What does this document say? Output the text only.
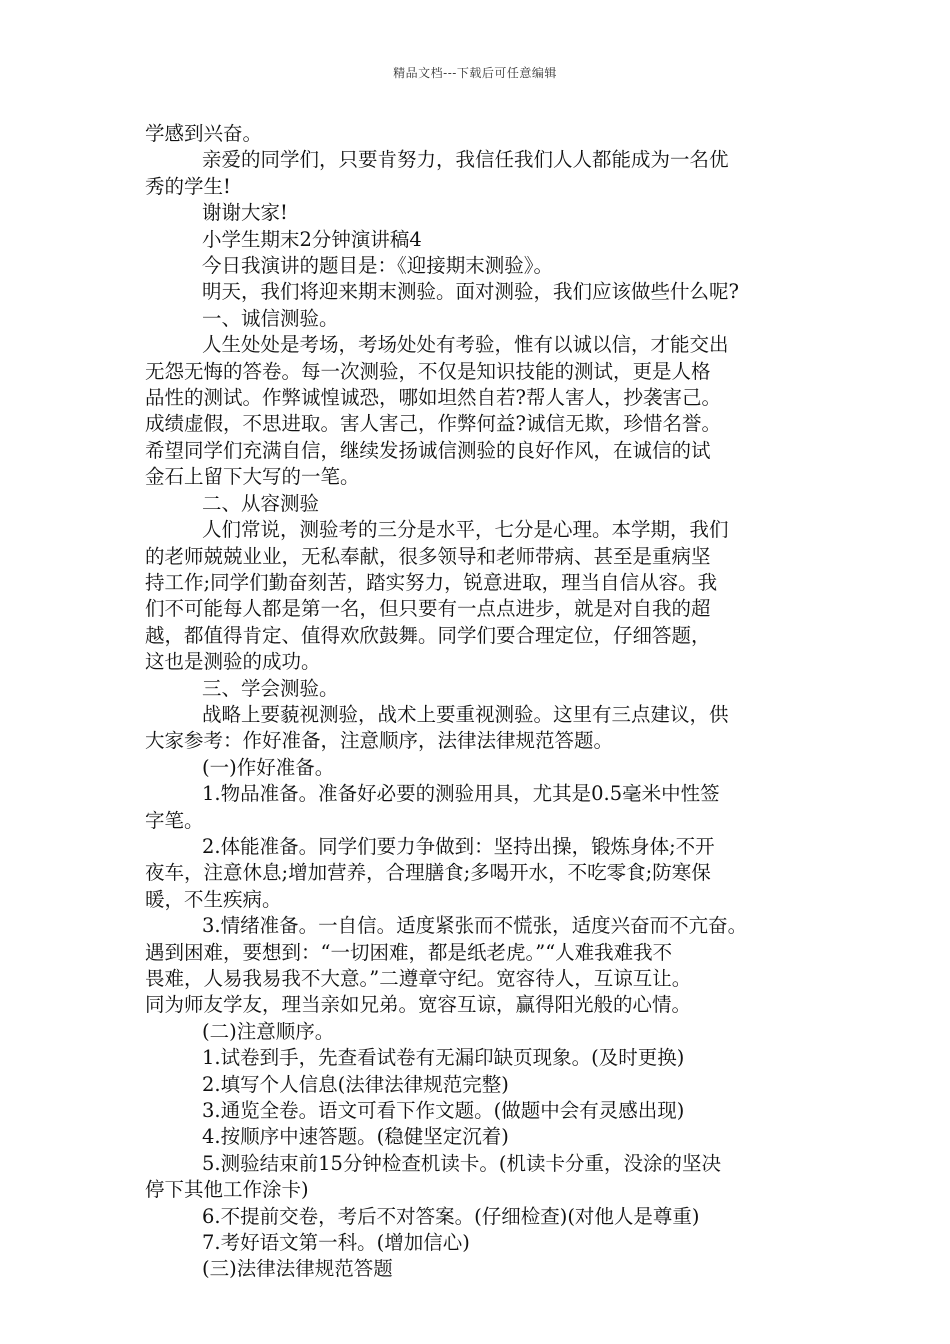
精品文档---下载后可任意编辑

学感到兴奋。

亲爱的同学们，只要肯努力，我信任我们人人都能成为一名优

秀的学生!

谢谢大家!

小学生期末2分钟演讲稿4

今日我演讲的题目是：《迎接期末测验》。

明天，我们将迎来期末测验。面对测验，我们应该做些什么呢?

一、诚信测验。

人生处处是考场，考场处处有考验，惟有以诚以信，才能交出

无怨无悔的答卷。每一次测验，不仅是知识技能的测试，更是人格

品性的测试。作弊诚惶诚恐，哪如坦然自若?帮人害人，抄袭害己。

成绩虚假，不思进取。害人害己，作弊何益?诚信无欺，珍惜名誉。

希望同学们充满自信，继续发扬诚信测验的良好作风，在诚信的试

金石上留下大写的一笔。

二、从容测验

人们常说，测验考的三分是水平，七分是心理。本学期，我们

的老师兢兢业业，无私奉献，很多领导和老师带病、甚至是重病坚

持工作;同学们勤奋刻苦，踏实努力，锐意进取，理当自信从容。我

们不可能每人都是第一名，但只要有一点点进步，就是对自我的超

越，都值得肯定、值得欢欣鼓舞。同学们要合理定位，仔细答题，

这也是测验的成功。

三、学会测验。

战略上要藐视测验，战术上要重视测验。这里有三点建议，供

大家参考：作好准备，注意顺序，法律法律规范答题。

(一)作好准备。

1.物品准备。准备好必要的测验用具，尤其是0.5毫米中性签

字笔。

2.体能准备。同学们要力争做到：坚持出操，锻炼身体;不开

夜车，注意休息;增加营养，合理膳食;多喝开水，不吃零食;防寒保

暖，不生疾病。

3.情绪准备。一自信。适度紧张而不慌张，适度兴奋而不亢奋。

遇到困难，要想到：“一切困难，都是纸老虎。”“人难我难我不

畏难，人易我易我不大意。”二遵章守纪。宽容待人，互谅互让。

同为师友学友，理当亲如兄弟。宽容互谅，赢得阳光般的心情。

(二)注意顺序。

1.试卷到手，先查看试卷有无漏印缺页现象。(及时更换)

2.填写个人信息(法律法律规范完整)

3.通览全卷。语文可看下作文题。(做题中会有灵感出现)

4.按顺序中速答题。(稳健坚定沉着)

5.测验结束前15分钟检查机读卡。(机读卡分重，没涂的坚决

停下其他工作涂卡)

6.不提前交卷，考后不对答案。(仔细检查)(对他人是尊重)

7.考好语文第一科。(增加信心)

(三)法律法律规范答题
